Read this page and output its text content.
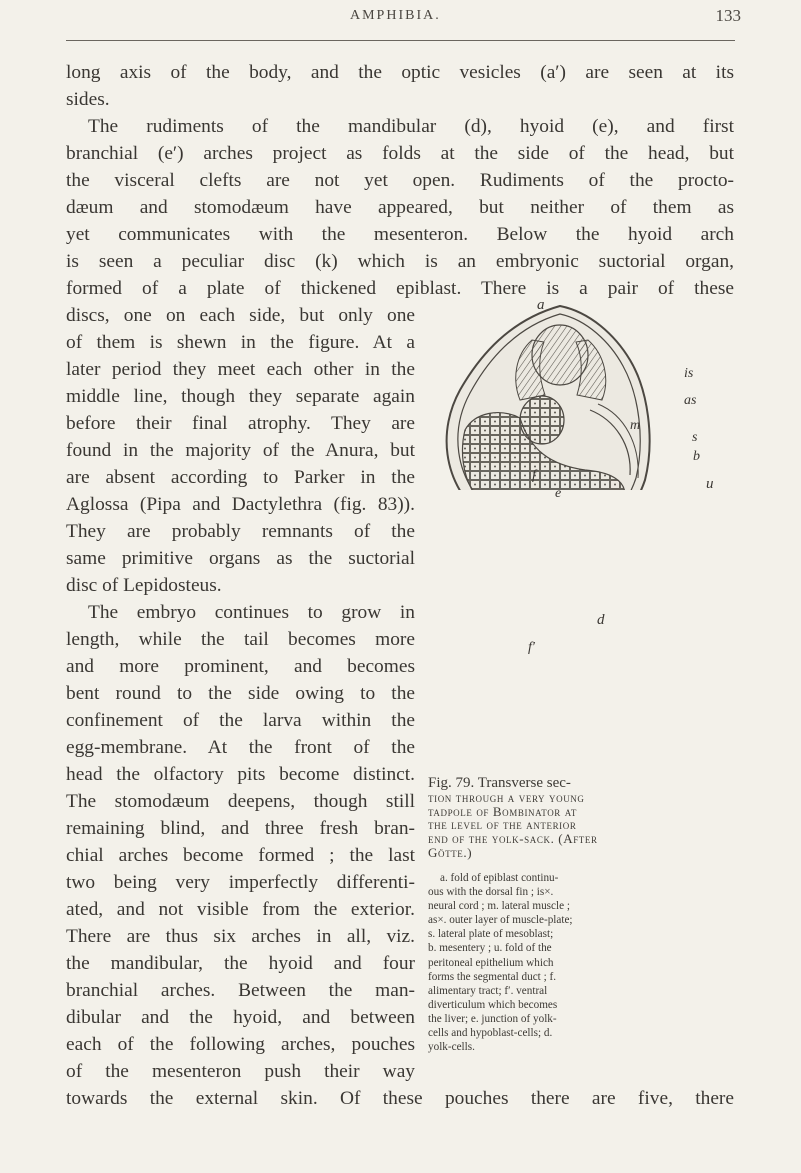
AMPHIBIA.	133
long axis of the body, and the optic vesicles (a′) are seen at its
sides.
The rudiments of the mandibular (d), hyoid (e), and first
branchial (e′) arches project as folds at the side of the head, but
the visceral clefts are not yet open. Rudiments of the procto-
dæum and stomodæum have appeared, but neither of them as
yet communicates with the mesenteron. Below the hyoid arch
is seen a peculiar disc (k) which is an embryonic suctorial organ,
formed of a plate of thickened epiblast. There is a pair of these
discs, one on each side, but only one
of them is shewn in the figure. At a
later period they meet each other in the
middle line, though they separate again
before their final atrophy. They are
found in the majority of the Anura, but
are absent according to Parker in the
Aglossa (Pipa and Dactylethra (fig. 83)).
They are probably remnants of the
same primitive organs as the suctorial
disc of Lepidosteus.
The embryo continues to grow in
length, while the tail becomes more
and more prominent, and becomes
bent round to the side owing to the
confinement of the larva within the
egg-membrane. At the front of the
head the olfactory pits become distinct.
The stomodæum deepens, though still
remaining blind, and three fresh bran-
chial arches become formed ; the last
two being very imperfectly differenti-
ated, and not visible from the exterior.
There are thus six arches in all, viz.
the mandibular, the hyoid and four
branchial arches. Between the man-
dibular and the hyoid, and between
each of the following arches, pouches
of the mesenteron push their way
towards the external skin. Of these pouches there are five, there
a
is
as
m
s
b
u
f
e
d
f′
Fig. 79. Transverse sec-
tion through a very young
tadpole of Bombinator at
the level of the anterior
end of the yolk-sack. (After
Götte.)
a. fold of epiblast continu-
ous with the dorsal fin ; is×.
neural cord ; m. lateral muscle ;
as×. outer layer of muscle-plate;
s. lateral plate of mesoblast;
b. mesentery ; u. fold of the
peritoneal epithelium which
forms the segmental duct ; f.
alimentary tract; f′. ventral
diverticulum which becomes
the liver; e. junction of yolk-
cells and hypoblast-cells; d.
yolk-cells.
